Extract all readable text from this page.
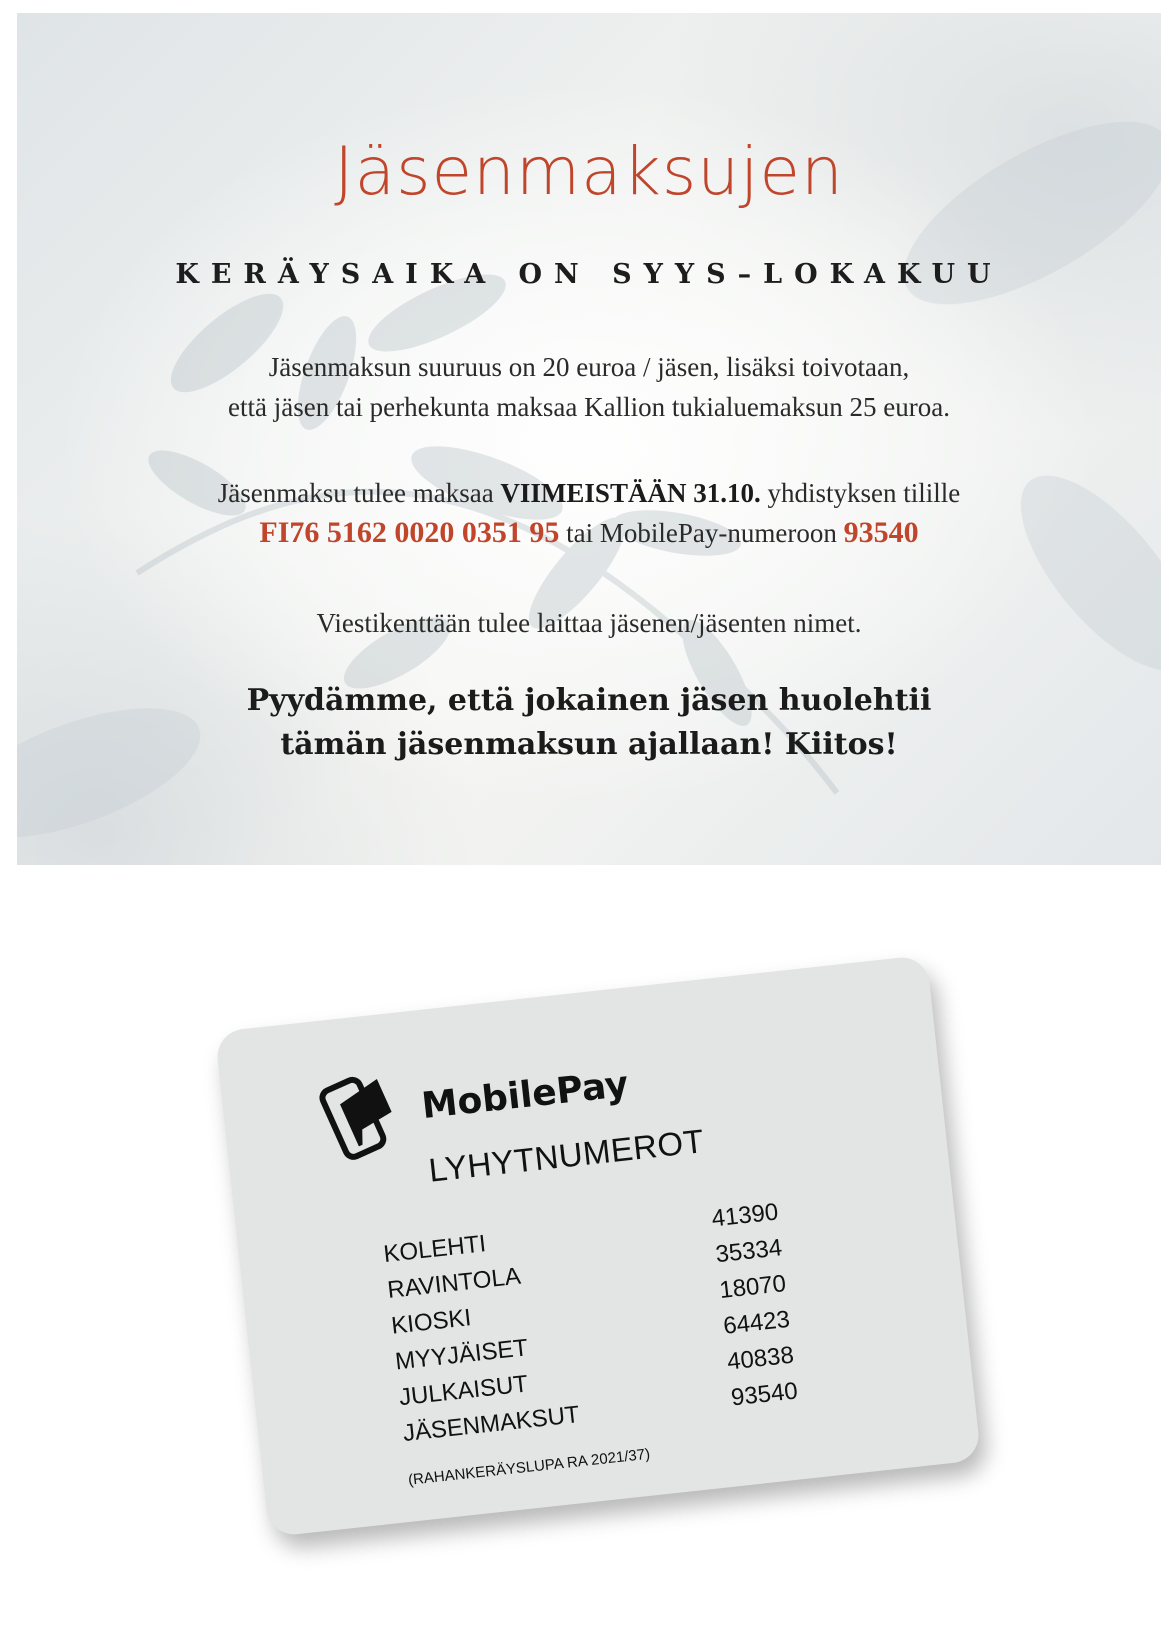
Jäsenmaksujen
KERÄYSAIKA ON SYYS–LOKAKUU
Jäsenmaksun suuruus on 20 euroa / jäsen, lisäksi toivotaan,
että jäsen tai perhekunta maksaa Kallion tukialuemaksun 25 euroa.
Jäsenmaksu tulee maksaa VIIMEISTÄÄN 31.10. yhdistyksen tilille
FI76 5162 0020 0351 95 tai MobilePay-numeroon 93540
Viestikenttään tulee laittaa jäsenen/jäsenten nimet.
Pyydämme, että jokainen jäsen huolehtii
tämän jäsenmaksun ajallaan! Kiitos!
MobilePay
LYHYTNUMEROT
KOLEHTI
41390
RAVINTOLA
35334
KIOSKI
18070
MYYJÄISET
64423
JULKAISUT
40838
JÄSENMAKSUT
93540
(RAHANKERÄYSLUPA RA 2021/37)
